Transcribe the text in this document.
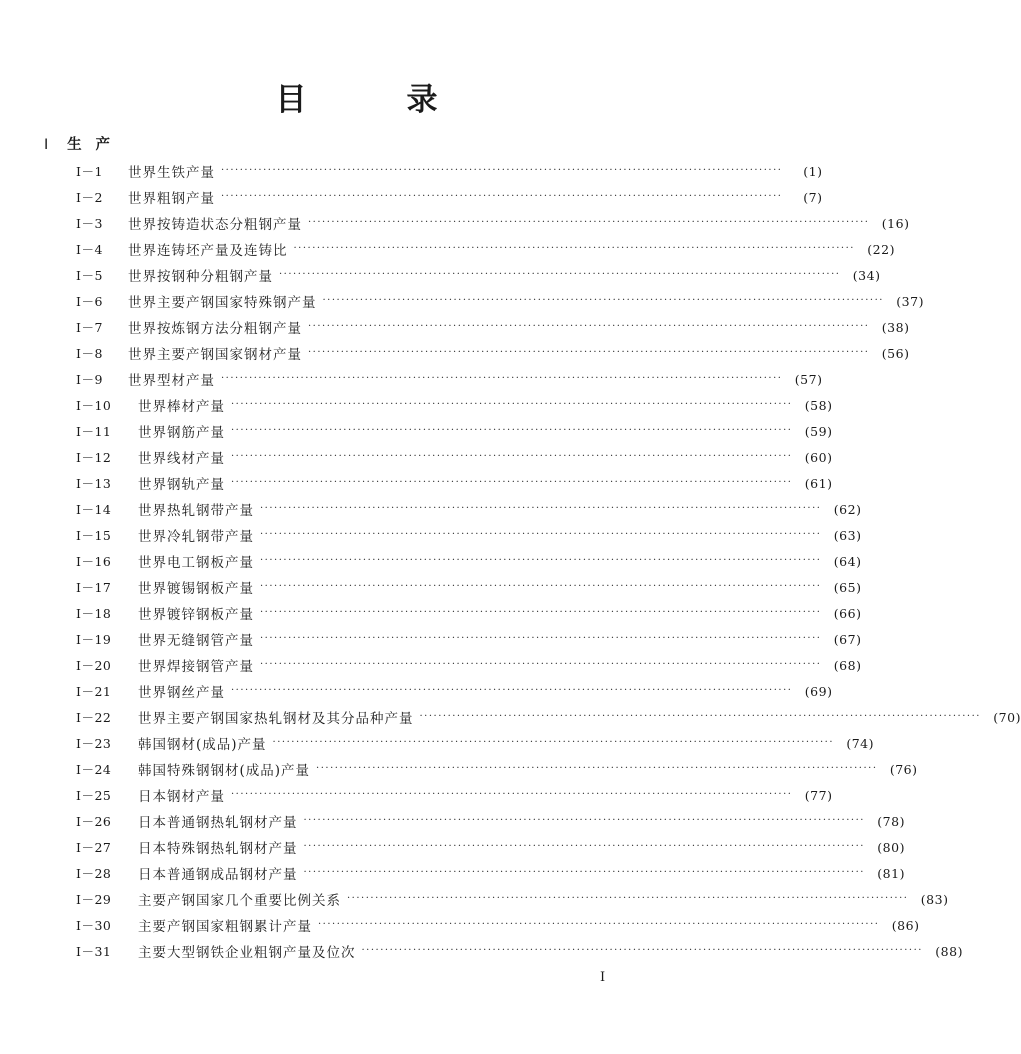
目	录
I 生产
I－1	世界生铁产量 ························································································································	(1)
I－2	世界粗钢产量 ························································································································	(7)
I－3	世界按铸造状态分粗钢产量 ························································································································ (16)
I－4	世界连铸坯产量及连铸比 ························································································································ (22)
I－5	世界按钢种分粗钢产量 ························································································································ (34)
I－6	世界主要产钢国家特殊钢产量 ························································································································ (37)
I－7	世界按炼钢方法分粗钢产量 ························································································································ (38)
I－8	世界主要产钢国家钢材产量 ························································································································ (56)
I－9	世界型材产量 ························································································································ (57)
I－10	世界棒材产量 ························································································································ (58)
I－11	世界钢筋产量 ························································································································ (59)
I－12	世界线材产量 ························································································································ (60)
I－13	世界钢轨产量 ························································································································ (61)
I－14	世界热轧钢带产量 ························································································································ (62)
I－15	世界冷轧钢带产量 ························································································································ (63)
I－16	世界电工钢板产量 ························································································································ (64)
I－17	世界镀锡钢板产量 ························································································································ (65)
I－18	世界镀锌钢板产量 ························································································································ (66)
I－19	世界无缝钢管产量 ························································································································ (67)
I－20	世界焊接钢管产量 ························································································································ (68)
I－21	世界钢丝产量 ························································································································ (69)
I－22	世界主要产钢国家热轧钢材及其分品种产量 ························································································································ (70)
I－23	韩国钢材(成品)产量 ························································································································ (74)
I－24	韩国特殊钢钢材(成品)产量 ························································································································ (76)
I－25	日本钢材产量 ························································································································ (77)
I－26	日本普通钢热轧钢材产量 ························································································································ (78)
I－27	日本特殊钢热轧钢材产量 ························································································································ (80)
I－28	日本普通钢成品钢材产量 ························································································································ (81)
I－29	主要产钢国家几个重要比例关系 ························································································································ (83)
I－30	主要产钢国家粗钢累计产量 ························································································································ (86)
I－31	主要大型钢铁企业粗钢产量及位次 ························································································································ (88)
I
